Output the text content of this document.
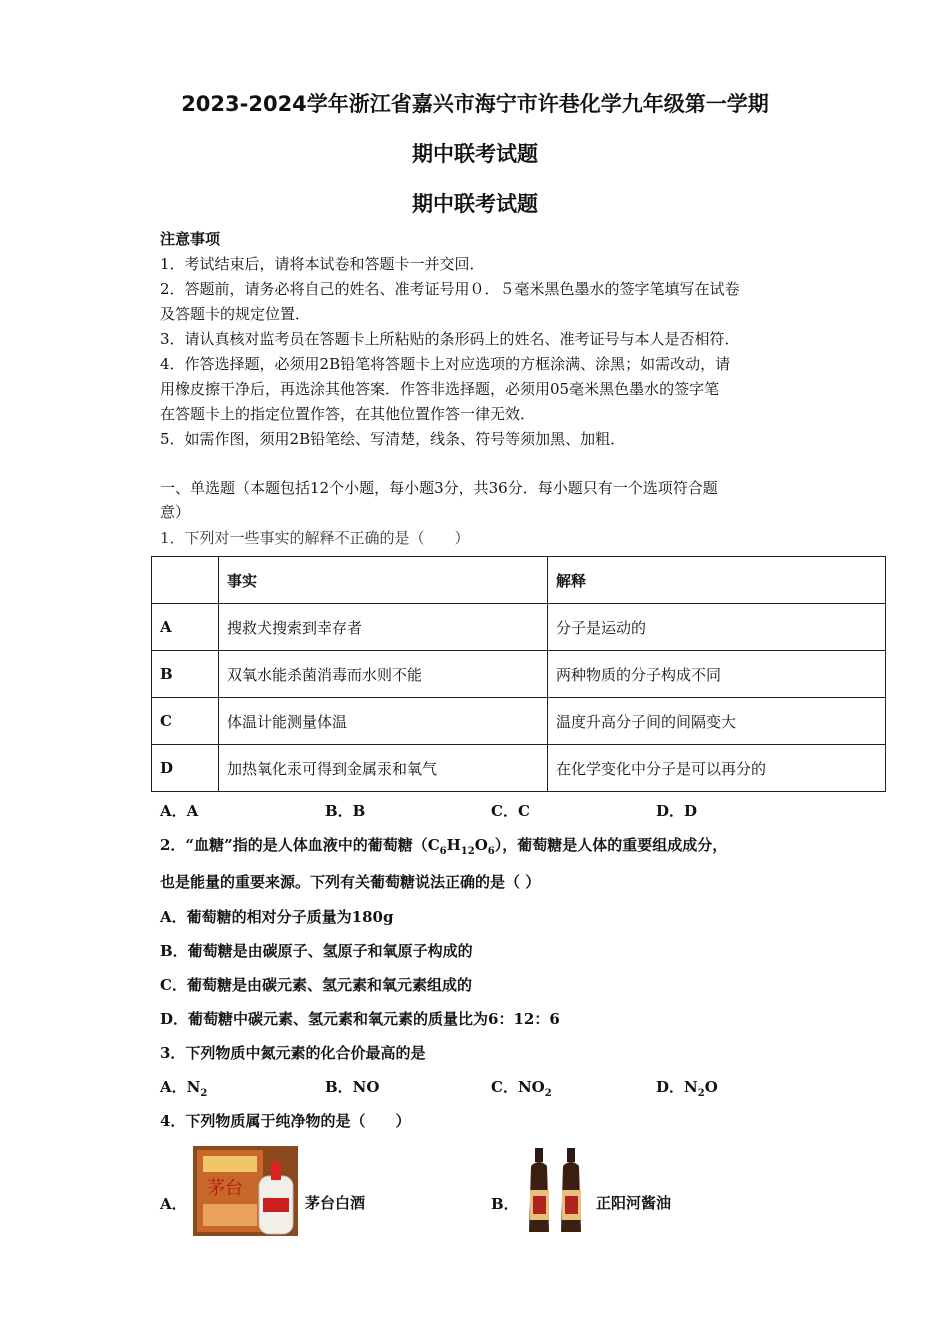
2023-2024学年浙江省嘉兴市海宁市许巷化学九年级第一学期
期中联考试题
期中联考试题
注意事项
1．考试结束后，请将本试卷和答题卡一并交回．
2．答题前，请务必将自己的姓名、准考证号用０．５毫米黑色墨水的签字笔填写在试卷
及答题卡的规定位置．
3．请认真核对监考员在答题卡上所粘贴的条形码上的姓名、准考证号与本人是否相符．
4．作答选择题，必须用2B铅笔将答题卡上对应选项的方框涂满、涂黑；如需改动，请
用橡皮擦干净后，再选涂其他答案．作答非选择题，必须用05毫米黑色墨水的签字笔
在答题卡上的指定位置作答，在其他位置作答一律无效．
5．如需作图，须用2B铅笔绘、写清楚，线条、符号等须加黑、加粗．
一、单选题（本题包括12个小题，每小题3分，共36分．每小题只有一个选项符合题
意）
1．下列对一些事实的解释不正确的是（　　）
	事实	解释
A	搜救犬搜索到幸存者	分子是运动的
B	双氧水能杀菌消毒而水则不能	两种物质的分子构成不同
C	体温计能测量体温	温度升高分子间的间隔变大
D	加热氧化汞可得到金属汞和氧气	在化学变化中分子是可以再分的
A．A	B．B	C．C	D．D
2．“血糖”指的是人体血液中的葡萄糖$(C_6H_{12}O_6)$，葡萄糖是人体的重要组成成分，
也是能量的重要来源。下列有关葡萄糖说法正确的是（ ）
A．葡萄糖的相对分子质量为180g
B．葡萄糖是由碳原子、氢原子和氧原子构成的
C．葡萄糖是由碳元素、氢元素和氧元素组成的
D．葡萄糖中碳元素、氢元素和氧元素的质量比为6：12：6
3．下列物质中氮元素的化合价最高的是
A．$N_2$	B．NO	C．$NO_2$	D．$N_2O$
4．下列物质属于纯净物的是（　　）
A．
茅台
茅台白酒	B．	正阳河酱油
